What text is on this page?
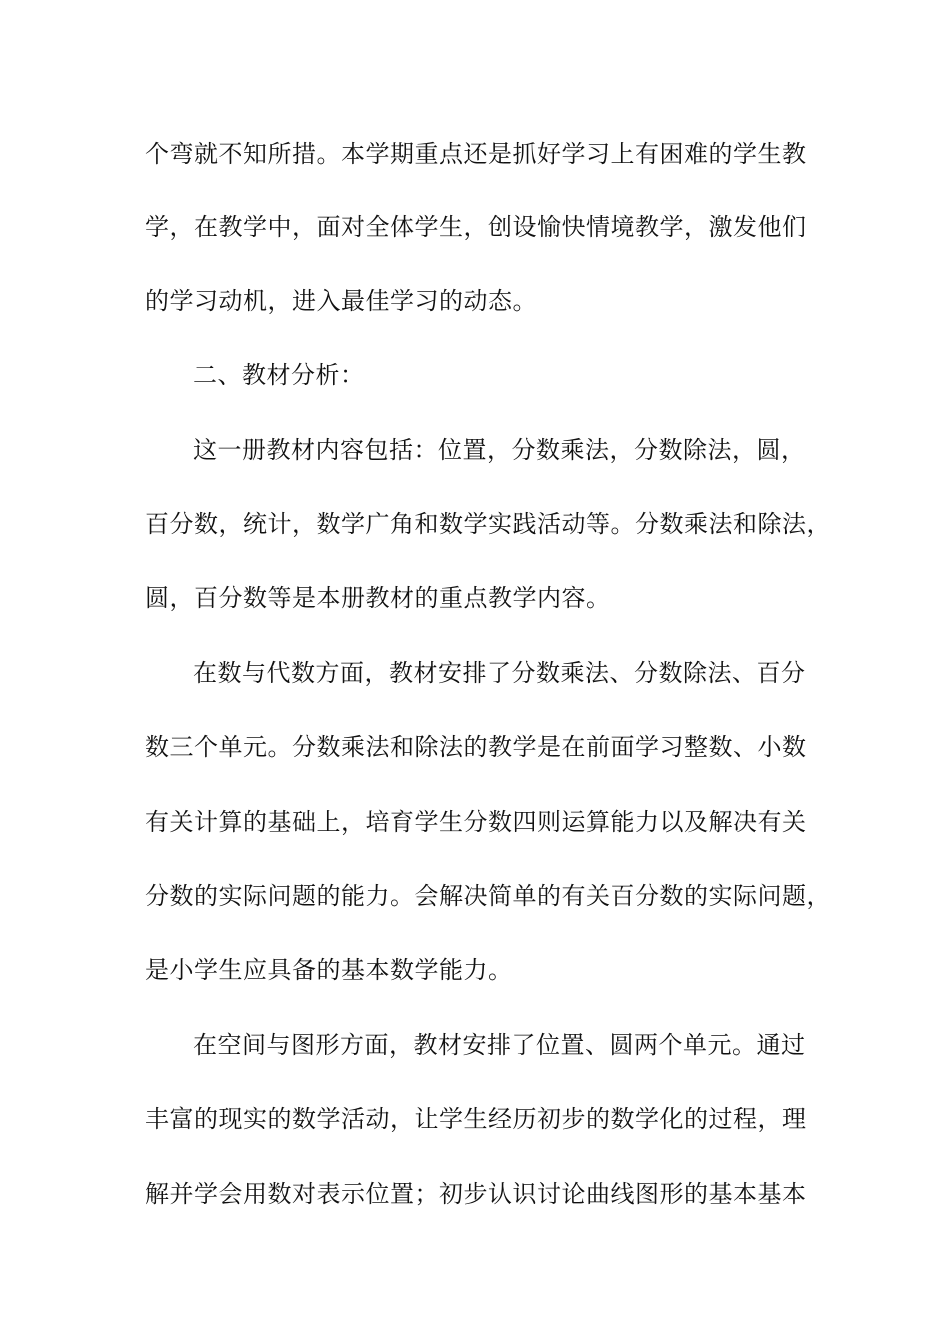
个弯就不知所措。本学期重点还是抓好学习上有困难的学生教
学，在教学中，面对全体学生，创设愉快情境教学，激发他们
的学习动机，进入最佳学习的动态。
二、教材分析：
这一册教材内容包括：位置，分数乘法，分数除法，圆，
百分数，统计，数学广角和数学实践活动等。分数乘法和除法，
圆，百分数等是本册教材的重点教学内容。
在数与代数方面，教材安排了分数乘法、分数除法、百分
数三个单元。分数乘法和除法的教学是在前面学习整数、小数
有关计算的基础上，培育学生分数四则运算能力以及解决有关
分数的实际问题的能力。会解决简单的有关百分数的实际问题，
是小学生应具备的基本数学能力。
在空间与图形方面，教材安排了位置、圆两个单元。通过
丰富的现实的数学活动，让学生经历初步的数学化的过程，理
解并学会用数对表示位置；初步认识讨论曲线图形的基本基本
